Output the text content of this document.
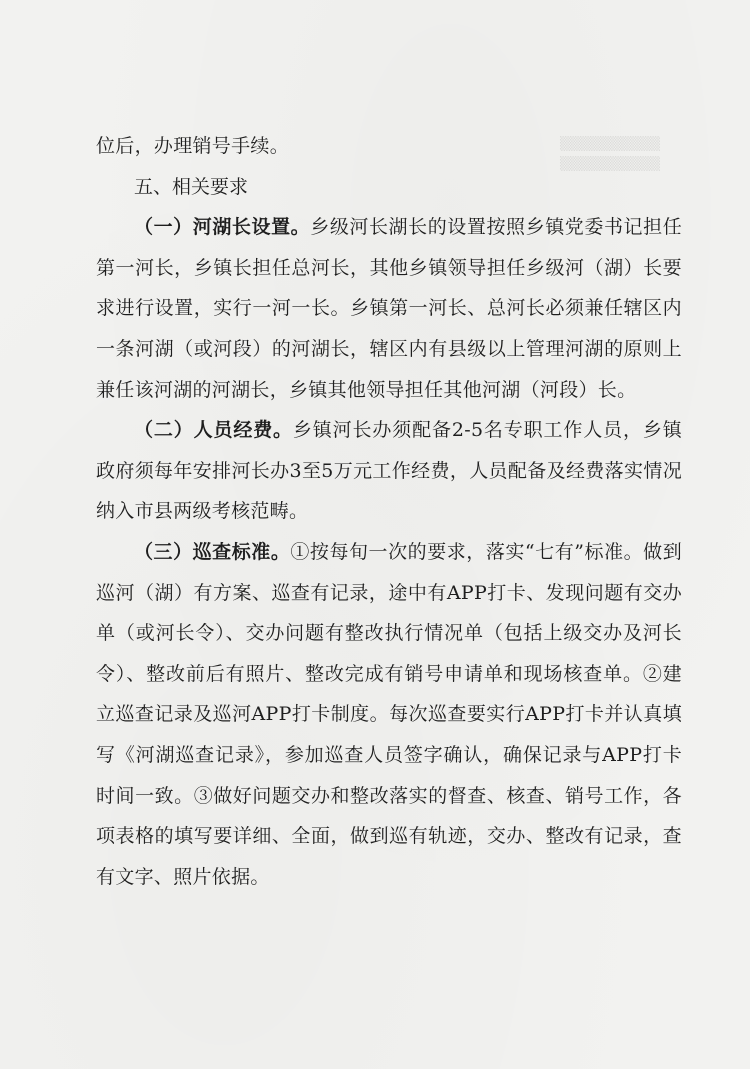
▒▒▒▒▒▒▒▒▒▒
▒▒▒▒▒▒▒▒▒▒

位后，办理销号手续。

五、相关要求

（一）河湖长设置。乡级河长湖长的设置按照乡镇党委书记担任第一河长，乡镇长担任总河长，其他乡镇领导担任乡级河（湖）长要求进行设置，实行一河一长。乡镇第一河长、总河长必须兼任辖区内一条河湖（或河段）的河湖长，辖区内有县级以上管理河湖的原则上兼任该河湖的河湖长，乡镇其他领导担任其他河湖（河段）长。

（二）人员经费。乡镇河长办须配备2-5名专职工作人员，乡镇政府须每年安排河长办3至5万元工作经费，人员配备及经费落实情况纳入市县两级考核范畴。

（三）巡查标准。①按每旬一次的要求，落实“七有”标准。做到巡河（湖）有方案、巡查有记录，途中有APP打卡、发现问题有交办单（或河长令）、交办问题有整改执行情况单（包括上级交办及河长令）、整改前后有照片、整改完成有销号申请单和现场核查单。②建立巡查记录及巡河APP打卡制度。每次巡查要实行APP打卡并认真填写《河湖巡查记录》，参加巡查人员签字确认，确保记录与APP打卡时间一致。③做好问题交办和整改落实的督查、核查、销号工作，各项表格的填写要详细、全面，做到巡有轨迹，交办、整改有记录，查有文字、照片依据。
